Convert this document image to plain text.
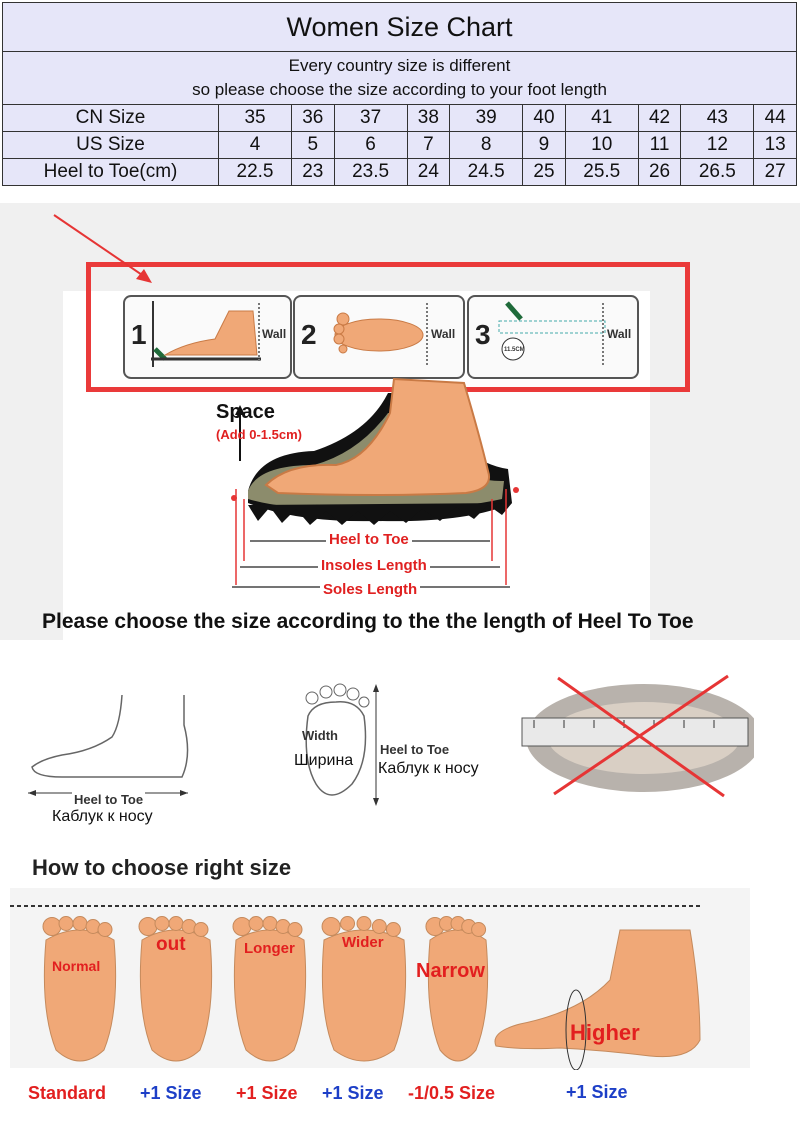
Women Size Chart										

Every country size is different
so please choose the size according to your foot length										

CN Size	35	36	37	38	39	40	41	42	43	44
US Size	4	5	6	7	8	9	10	11	12	13
Heel to Toe(cm)	22.5	23	23.5	24	24.5	25	25.5	26	26.5	27
1	Wall 2	Wall 3 11.5CM
Wall
Space
(Add 0-1.5cm)
Heel to Toe
Insoles Length
Soles Length
Please choose the size according to the the length of Heel To Toe
Heel to Toe
Каблук к носу
Width
Ширина
Heel to Toe
Каблук к носу
How to choose right size
Normal
out	Longer	Wider
Narrow
Higher
Standard +1 Size +1 Size +1 Size -1/0.5 Size	+1 Size
